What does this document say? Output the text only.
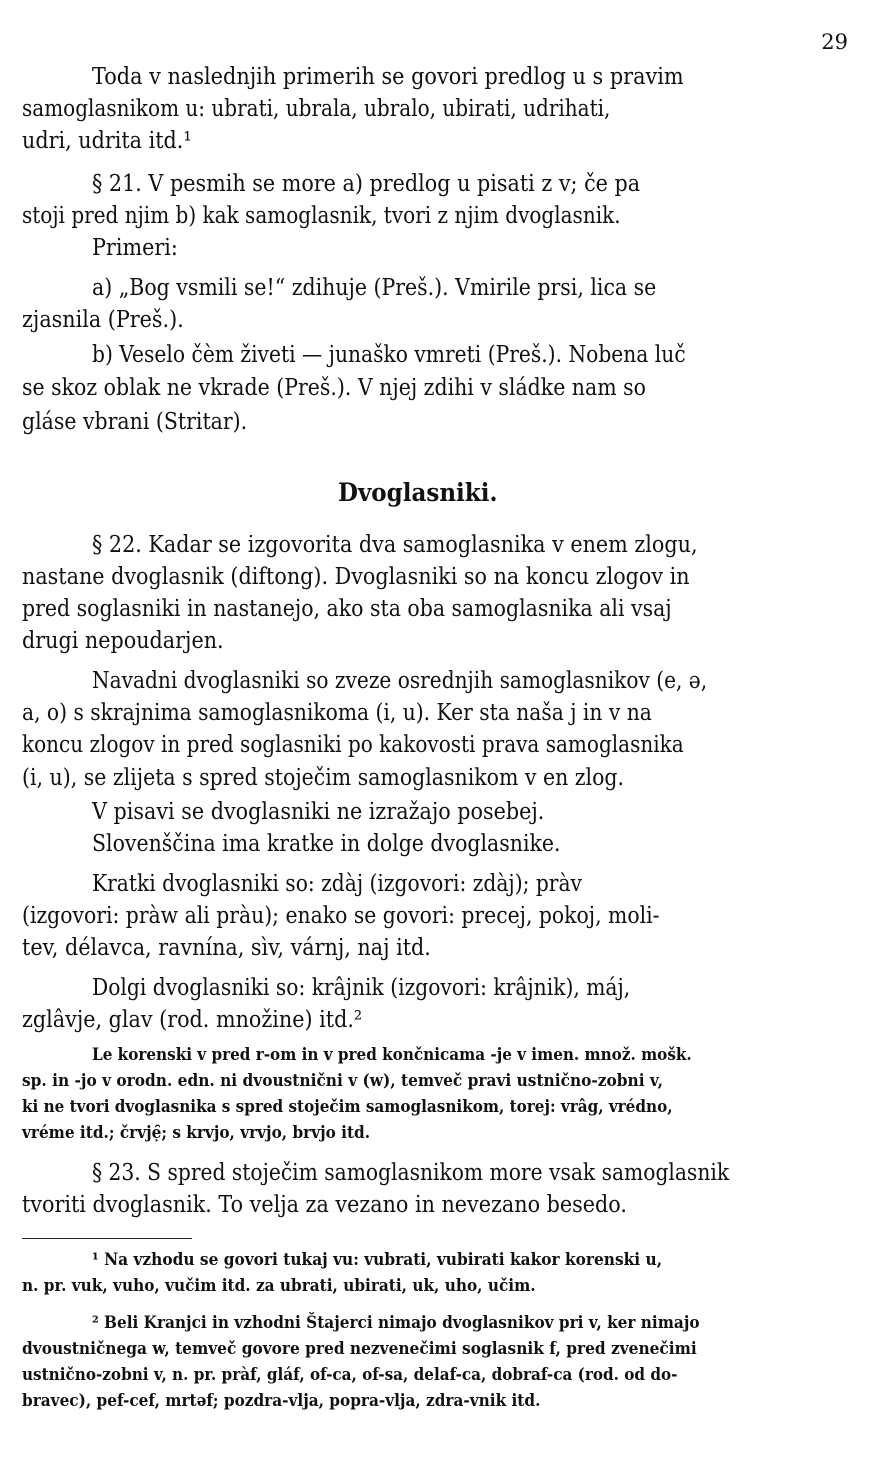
29
Toda v naslednjih primerih se govori predlog u s pravim
samoglasnikom u: ubrati, ubrala, ubralo, ubirati, udrihati,
udri, udrita itd.¹
§ 21. V pesmih se more a) predlog u pisati z v; če pa
stoji pred njim b) kak samoglasnik, tvori z njim dvoglasnik.
Primeri:
a) „Bog vsmili se!“ zdihuje (Preš.). Vmirile prsi, lica se
zjasnila (Preš.).
b) Veselo čèm živeti — junaško vmreti (Preš.). Nobena luč
se skoz oblak ne vkrade (Preš.). V njej zdihi v sládke nam so
gláse vbrani (Stritar).
§ 22. Kadar se izgovorita dva samoglasnika v enem zlogu,
nastane dvoglasnik (diftong). Dvoglasniki so na koncu zlogov in
pred soglasniki in nastanejo, ako sta oba samoglasnika ali vsaj
drugi nepoudarjen.
Navadni dvoglasniki so zveze osrednjih samoglasnikov (e, ə,
a, o) s skrajnima samoglasnikoma (i, u). Ker sta naša j in v na
koncu zlogov in pred soglasniki po kakovosti prava samoglasnika
(i, u), se zlijeta s spred stoječim samoglasnikom v en zlog.
V pisavi se dvoglasniki ne izražajo posebej.
Slovenščina ima kratke in dolge dvoglasnike.
Kratki dvoglasniki so: zdàj (izgovori: zdàj); pràv
(izgovori: pràw ali pràu); enako se govori: precej, pokoj, moli-
tev, délavca, ravnína, sìv, várnj, naj itd.
Dolgi dvoglasniki so: krâjnik (izgovori: krâjnik), máj,
zglâvje, glav (rod. množine) itd.²
Dvoglasniki.
Le korenski v pred r-om in v pred končnicama -je v imen. množ. mošk.
sp. in -jo v orodn. edn. ni dvoustnični v (w), temveč pravi ustnično-zobni v,
ki ne tvori dvoglasnika s spred stoječim samoglasnikom, torej: vrâg, vrédno,
vréme itd.; črvjẹ̑; s krvjo, vrvjo, brvjo itd.
§ 23. S spred stoječim samoglasnikom more vsak samoglasnik
tvoriti dvoglasnik. To velja za vezano in nevezano besedo.
¹ Na vzhodu se govori tukaj vu: vubrati, vubirati kakor korenski u,
n. pr. vuk, vuho, vučim itd. za ubrati, ubirati, uk, uho, učim.
² Beli Kranjci in vzhodni Štajerci nimajo dvoglasnikov pri v, ker nimajo
dvoustničnega w, temveč govore pred nezvenečimi soglasnik f, pred zvenečimi
ustnično-zobni v, n. pr. pràf, gláf, of-ca, of-sa, delaf-ca, dobraf-ca (rod. od do-
bravec), pef-cef, mrtəf; pozdra-vlja, popra-vlja, zdra-vnik itd.
